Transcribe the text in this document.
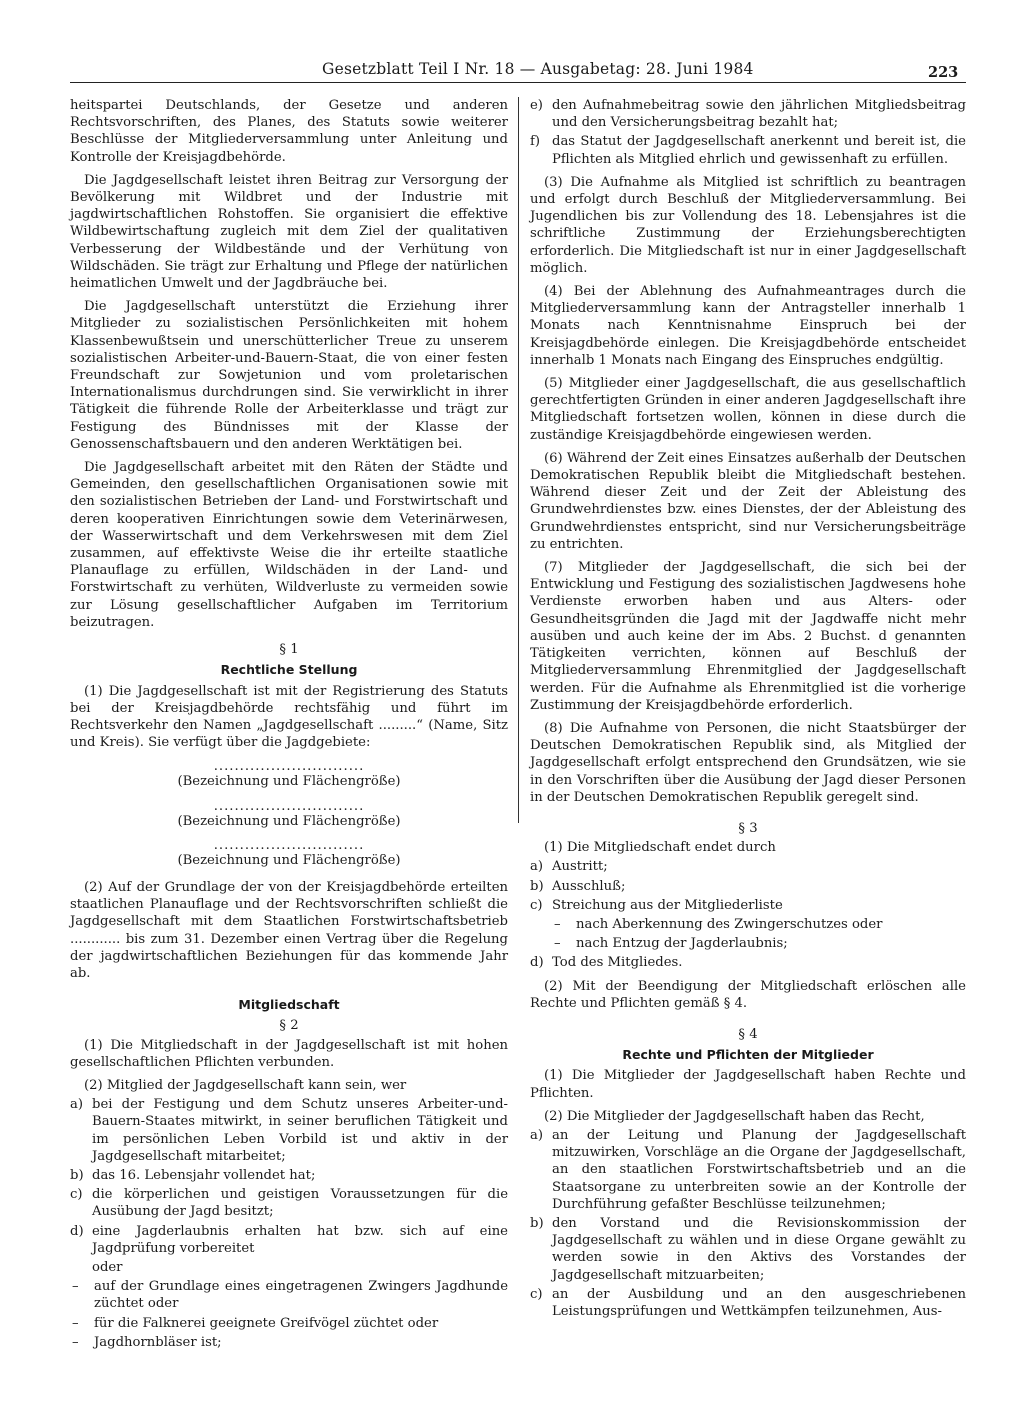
Gesetzblatt Teil I Nr. 18 — Ausgabetag: 28. Juni 1984	223

heitspartei Deutschlands, der Gesetze und anderen Rechtsvorschriften, des Planes, des Statuts sowie weiterer Beschlüsse der Mitgliederversammlung unter Anleitung und Kontrolle der Kreisjagdbehörde.

Die Jagdgesellschaft leistet ihren Beitrag zur Versorgung der Bevölkerung mit Wildbret und der Industrie mit jagdwirtschaftlichen Rohstoffen. Sie organisiert die effektive Wildbewirtschaftung zugleich mit dem Ziel der qualitativen Verbesserung der Wildbestände und der Verhütung von Wildschäden. Sie trägt zur Erhaltung und Pflege der natürlichen heimatlichen Umwelt und der Jagdbräuche bei.

Die Jagdgesellschaft unterstützt die Erziehung ihrer Mitglieder zu sozialistischen Persönlichkeiten mit hohem Klassenbewußtsein und unerschütterlicher Treue zu unserem sozialistischen Arbeiter-und-Bauern-Staat, die von einer festen Freundschaft zur Sowjetunion und vom proletarischen Internationalismus durchdrungen sind. Sie verwirklicht in ihrer Tätigkeit die führende Rolle der Arbeiterklasse und trägt zur Festigung des Bündnisses mit der Klasse der Genossenschaftsbauern und den anderen Werktätigen bei.

Die Jagdgesellschaft arbeitet mit den Räten der Städte und Gemeinden, den gesellschaftlichen Organisationen sowie mit den sozialistischen Betrieben der Land- und Forstwirtschaft und deren kooperativen Einrichtungen sowie dem Veterinärwesen, der Wasserwirtschaft und dem Verkehrswesen mit dem Ziel zusammen, auf effektivste Weise die ihr erteilte staatliche Planauflage zu erfüllen, Wildschäden in der Land- und Forstwirtschaft zu verhüten, Wildverluste zu vermeiden sowie zur Lösung gesellschaftlicher Aufgaben im Territorium beizutragen.

§ 1
Rechtliche Stellung

(1) Die Jagdgesellschaft ist mit der Registrierung des Statuts bei der Kreisjagdbehörde rechtsfähig und führt im Rechtsverkehr den Namen „Jagdgesellschaft .........“ (Name, Sitz und Kreis). Sie verfügt über die Jagdgebiete:

.............................
(Bezeichnung und Flächengröße)
.............................
(Bezeichnung und Flächengröße)
.............................
(Bezeichnung und Flächengröße)

(2) Auf der Grundlage der von der Kreisjagdbehörde erteilten staatlichen Planauflage und der Rechtsvorschriften schließt die Jagdgesellschaft mit dem Staatlichen Forstwirtschaftsbetrieb ............ bis zum 31. Dezember einen Vertrag über die Regelung der jagdwirtschaftlichen Beziehungen für das kommende Jahr ab.

Mitgliedschaft
§ 2

(1) Die Mitgliedschaft in der Jagdgesellschaft ist mit hohen gesellschaftlichen Pflichten verbunden.

(2) Mitglied der Jagdgesellschaft kann sein, wer

a) bei der Festigung und dem Schutz unseres Arbeiter-und-Bauern-Staates mitwirkt, in seiner beruflichen Tätigkeit und im persönlichen Leben Vorbild ist und aktiv in der Jagdgesellschaft mitarbeitet;
b) das 16. Lebensjahr vollendet hat;
c) die körperlichen und geistigen Voraussetzungen für die Ausübung der Jagd besitzt;
d) eine Jagderlaubnis erhalten hat bzw. sich auf eine Jagdprüfung vorbereitet
oder
–	auf der Grundlage eines eingetragenen Zwingers Jagdhunde züchtet oder
–	für die Falknerei geeignete Greifvögel züchtet oder
–	Jagdhornbläser ist;
e) den Aufnahmebeitrag sowie den jährlichen Mitgliedsbeitrag und den Versicherungsbeitrag bezahlt hat;
f) das Statut der Jagdgesellschaft anerkennt und bereit ist, die Pflichten als Mitglied ehrlich und gewissenhaft zu erfüllen.

(3) Die Aufnahme als Mitglied ist schriftlich zu beantragen und erfolgt durch Beschluß der Mitgliederversammlung. Bei Jugendlichen bis zur Vollendung des 18. Lebensjahres ist die schriftliche Zustimmung der Erziehungsberechtigten erforderlich. Die Mitgliedschaft ist nur in einer Jagdgesellschaft möglich.

(4) Bei der Ablehnung des Aufnahmeantrages durch die Mitgliederversammlung kann der Antragsteller innerhalb 1 Monats nach Kenntnisnahme Einspruch bei der Kreisjagdbehörde einlegen. Die Kreisjagdbehörde entscheidet innerhalb 1 Monats nach Eingang des Einspruches endgültig.

(5) Mitglieder einer Jagdgesellschaft, die aus gesellschaftlich gerechtfertigten Gründen in einer anderen Jagdgesellschaft ihre Mitgliedschaft fortsetzen wollen, können in diese durch die zuständige Kreisjagdbehörde eingewiesen werden.

(6) Während der Zeit eines Einsatzes außerhalb der Deutschen Demokratischen Republik bleibt die Mitgliedschaft bestehen. Während dieser Zeit und der Zeit der Ableistung des Grundwehrdienstes bzw. eines Dienstes, der der Ableistung des Grundwehrdienstes entspricht, sind nur Versicherungsbeiträge zu entrichten.

(7) Mitglieder der Jagdgesellschaft, die sich bei der Entwicklung und Festigung des sozialistischen Jagdwesens hohe Verdienste erworben haben und aus Alters- oder Gesundheitsgründen die Jagd mit der Jagdwaffe nicht mehr ausüben und auch keine der im Abs. 2 Buchst. d genannten Tätigkeiten verrichten, können auf Beschluß der Mitgliederversammlung Ehrenmitglied der Jagdgesellschaft werden. Für die Aufnahme als Ehrenmitglied ist die vorherige Zustimmung der Kreisjagdbehörde erforderlich.

(8) Die Aufnahme von Personen, die nicht Staatsbürger der Deutschen Demokratischen Republik sind, als Mitglied der Jagdgesellschaft erfolgt entsprechend den Grundsätzen, wie sie in den Vorschriften über die Ausübung der Jagd dieser Personen in der Deutschen Demokratischen Republik geregelt sind.

§ 3

(1) Die Mitgliedschaft endet durch

a) Austritt;
b) Ausschluß;
c) Streichung aus der Mitgliederliste
–	nach Aberkennung des Zwingerschutzes oder
–	nach Entzug der Jagderlaubnis;
d) Tod des Mitgliedes.

(2) Mit der Beendigung der Mitgliedschaft erlöschen alle Rechte und Pflichten gemäß § 4.

§ 4
Rechte und Pflichten der Mitglieder

(1) Die Mitglieder der Jagdgesellschaft haben Rechte und Pflichten.

(2) Die Mitglieder der Jagdgesellschaft haben das Recht,

a) an der Leitung und Planung der Jagdgesellschaft mitzuwirken, Vorschläge an die Organe der Jagdgesellschaft, an den staatlichen Forstwirtschaftsbetrieb und an die Staatsorgane zu unterbreiten sowie an der Kontrolle der Durchführung gefaßter Beschlüsse teilzunehmen;
b) den Vorstand und die Revisionskommission der Jagdgesellschaft zu wählen und in diese Organe gewählt zu werden sowie in den Aktivs des Vorstandes der Jagdgesellschaft mitzuarbeiten;
c) an der Ausbildung und an den ausgeschriebenen Leistungsprüfungen und Wettkämpfen teilzunehmen, Aus-
